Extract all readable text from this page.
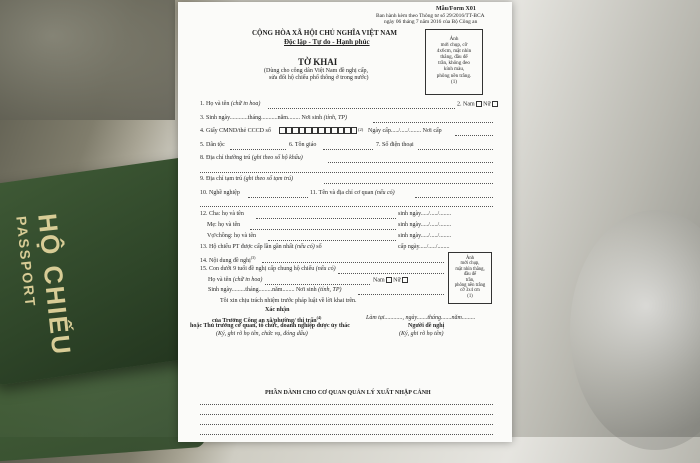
HỘ CHIẾU
PASSPORT
Mẫu/Form X01
Ban hành kèm theo Thông tư số 29/2016/TT-BCA
ngày 06 tháng 7 năm 2016 của Bộ Công an
CỘNG HÒA XÃ HỘI CHỦ NGHĨA VIỆT NAM
Độc lập - Tự do - Hạnh phúc	Ảnh
mới chụp, cỡ
4x6cm, mặt nhìn
thẳng, đầu để
trần, không đeo
kính màu,
phông nền trắng.
(1)
TỜ KHAI
(Dùng cho công dân Việt Nam đề nghị cấp,
sửa đổi hộ chiếu phổ thông ở trong nước)
1. Họ và tên (chữ in hoa)	2. Nam Nữ
3. Sinh ngày............tháng...........năm........ Nơi sinh (tỉnh, TP)
4. Giấy CMND/thẻ CCCD số	(2) Ngày cấp...../...../........ Nơi cấp
5. Dân tộc	6. Tôn giáo	7. Số điện thoại
8. Địa chỉ thường trú (ghi theo sổ hộ khẩu)
9. Địa chỉ tạm trú (ghi theo sổ tạm trú)
10. Nghề nghiệp	11. Tên và địa chỉ cơ quan (nếu có)
12. Cha: họ và tên	sinh ngày...../...../........
Mẹ: họ và tên	sinh ngày...../...../........
Vợ/chồng: họ và tên	sinh ngày...../...../........
13. Hộ chiếu PT được cấp lần gần nhất (nếu có) số	cấp ngày...../...../........
Ảnh
mới chụp,
mặt nhìn thẳng,
đầu để
trần,
phông nền trắng
cỡ 3x4 cm
(1)
14. Nội dung đề nghị$^{(3)}$
15. Con dưới 9 tuổi đề nghị cấp chung hộ chiếu (nếu có)
Họ và tên (chữ in hoa)	Nam Nữ
Sinh ngày.........tháng.........năm........ Nơi sinh (tỉnh, TP)
Tôi xin chịu trách nhiệm trước pháp luật về lời khai trên.
Xác nhận
của Trưởng Công an xã/phường/ thị trấn$^{(4)}$
hoặc Thủ trưởng cơ quan, tổ chức, doanh nghiệp được ủy thác
(Ký, ghi rõ họ tên, chức vụ, đóng dấu)
Làm tại............, ngày.......tháng.......năm.........
Người đề nghị
(Ký, ghi rõ họ tên)
PHẦN DÀNH CHO CƠ QUAN QUẢN LÝ XUẤT NHẬP CẢNH
